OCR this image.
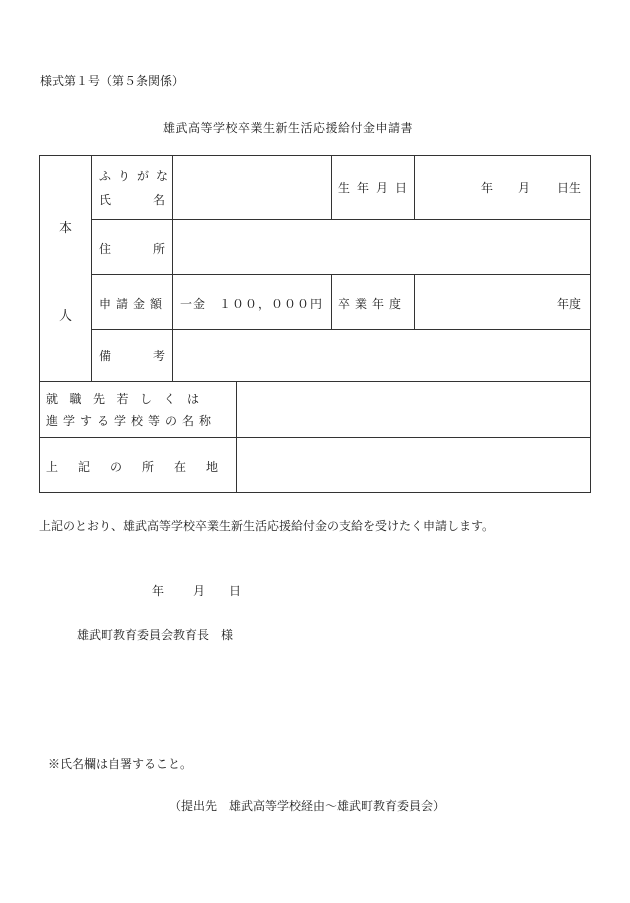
様式第１号（第５条関係）
雄武高等学校卒業生新生活応援給付金申請書
本
人
ふりがな
氏名
生年月日	年 月 日生
住所
申請金額 一金　１００，０００円 卒業年度	年度
備考
就職先若しくは
進学する学校等の名称
上記の所在地
上記のとおり、雄武高等学校卒業生新生活応援給付金の支給を受けたく申請します。
年 月 日
雄武町教育委員会教育長　様
※氏名欄は自署すること。
（提出先　雄武高等学校経由～雄武町教育委員会）
